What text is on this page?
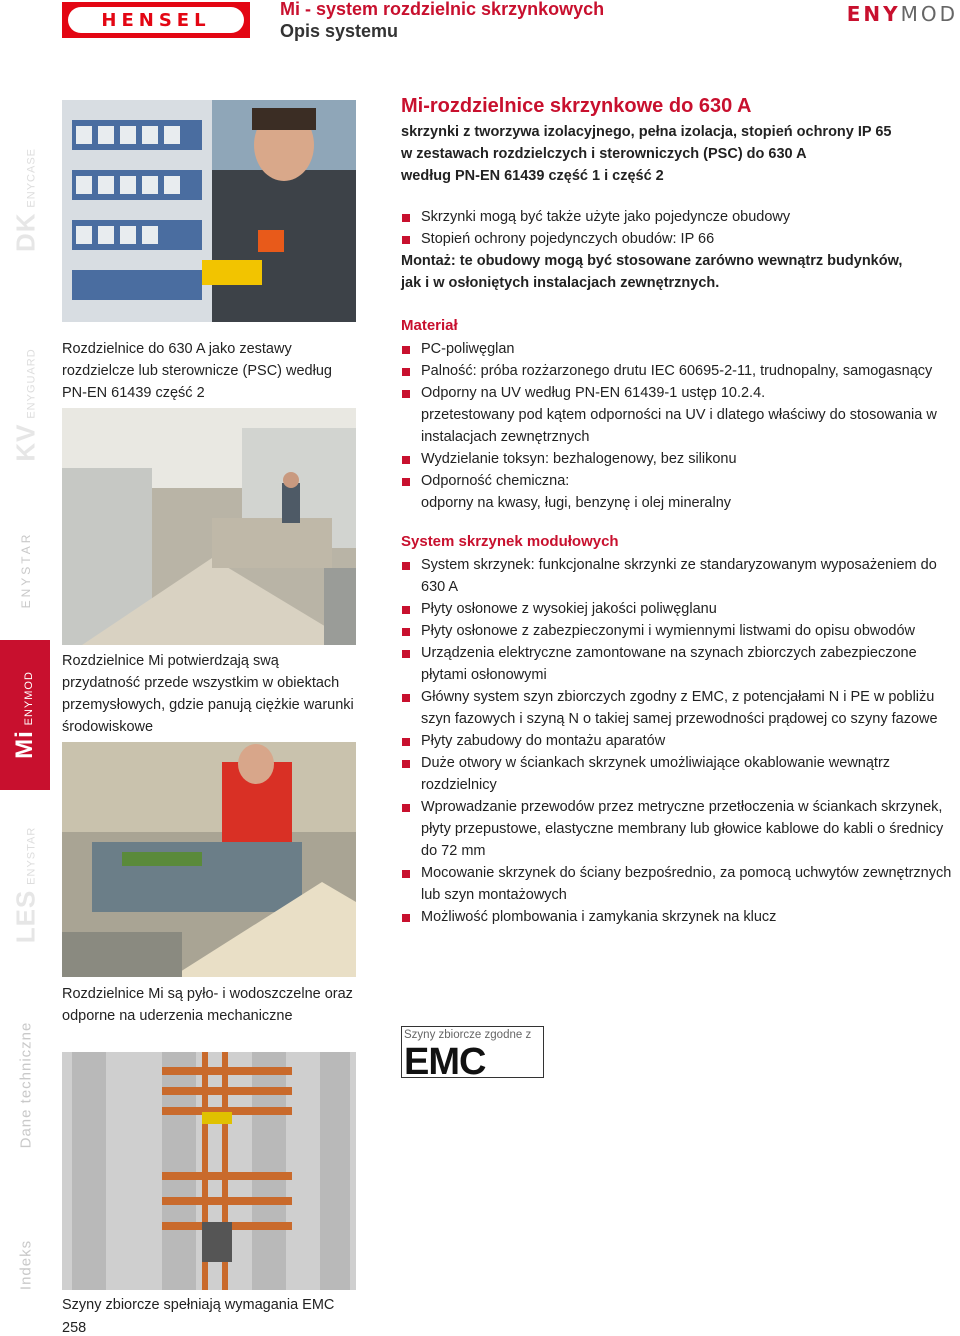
HENSEL
Mi - system rozdzielnic skrzynkowych
Opis systemu
ENYMOD
DK ENYCASE
KV ENYGUARD
ENYSTAR
Mi ENYMOD
LES ENYSTAR
Dane techniczne
Indeks
Rozdzielnice do 630 A jako zestawy rozdzielcze lub sterownicze (PSC) według PN-EN 61439 część 2
Rozdzielnice Mi potwierdzają swą przydatność przede wszystkim w obiektach przemysłowych, gdzie panują ciężkie warunki środowiskowe
Rozdzielnice Mi są pyło- i wodoszczelne oraz odporne na uderzenia mechaniczne
Szyny zbiorcze spełniają wymagania EMC
258
Mi-rozdzielnice skrzynkowe do 630 A
skrzynki z tworzywa izolacyjnego, pełna izolacja, stopień ochrony IP 65
w zestawach rozdzielczych i sterowniczych (PSC) do 630 A
według PN-EN 61439 część 1 i część 2
Skrzynki mogą być także użyte jako pojedyncze obudowy
Stopień ochrony pojedynczych obudów: IP 66
Montaż: te obudowy mogą być stosowane zarówno wewnątrz budynków,
jak i w osłoniętych instalacjach zewnętrznych.
Materiał
PC-poliwęglan
Palność: próba rozżarzonego drutu IEC 60695-2-11, trudnopalny, samogasnący
Odporny na UV według PN-EN 61439-1 ustęp 10.2.4.
przetestowany pod kątem odporności na UV i dlatego właściwy do stosowania w instalacjach zewnętrznych
Wydzielanie toksyn: bezhalogenowy, bez silikonu
Odporność chemiczna:
odporny na kwasy, ługi, benzynę i olej mineralny
System skrzynek modułowych
System skrzynek: funkcjonalne skrzynki ze standaryzowanym wyposażeniem do 630 A
Płyty osłonowe z wysokiej jakości poliwęglanu
Płyty osłonowe z zabezpieczonymi i wymiennymi listwami do opisu obwodów
Urządzenia elektryczne zamontowane na szynach zbiorczych zabezpieczone płytami osłonowymi
Główny system szyn zbiorczych zgodny z EMC, z potencjałami N i PE w pobliżu szyn fazowych i szyną N o takiej samej przewodności prądowej co szyny fazowe
Płyty zabudowy do montażu aparatów
Duże otwory w ściankach skrzynek umożliwiające okablowanie wewnątrz rozdzielnicy
Wprowadzanie przewodów przez metryczne przetłoczenia w ściankach skrzynek, płyty przepustowe, elastyczne membrany lub głowice kablowe do kabli o średnicy do 72 mm
Mocowanie skrzynek do ściany bezpośrednio, za pomocą uchwytów zewnętrznych lub szyn montażowych
Możliwość plombowania i zamykania skrzynek na klucz
Szyny zbiorcze zgodne z
EMC
